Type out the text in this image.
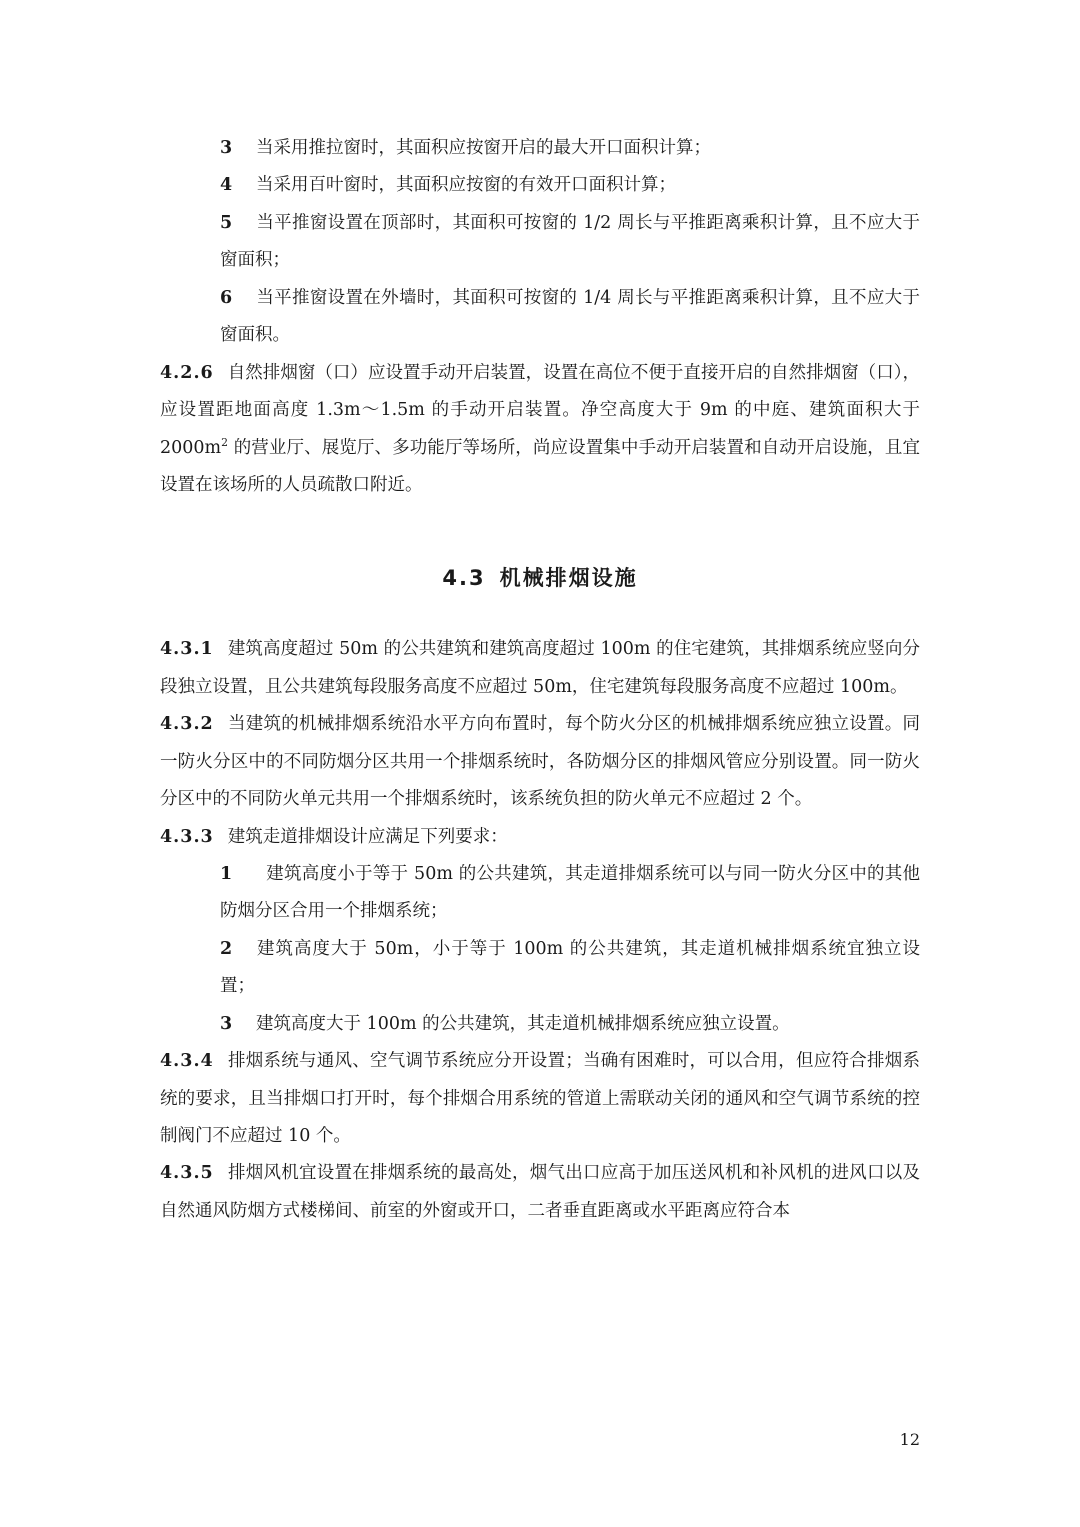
3 当采用推拉窗时，其面积应按窗开启的最大开口面积计算；

4 当采用百叶窗时，其面积应按窗的有效开口面积计算；

5 当平推窗设置在顶部时，其面积可按窗的 1/2 周长与平推距离乘积计算，且不应大于窗面积；

6 当平推窗设置在外墙时，其面积可按窗的 1/4 周长与平推距离乘积计算，且不应大于窗面积。

4.2.6 自然排烟窗（口）应设置手动开启装置，设置在高位不便于直接开启的自然排烟窗（口），应设置距地面高度 1.3m～1.5m 的手动开启装置。净空高度大于 9m 的中庭、建筑面积大于 $2000m^2$ 的营业厅、展览厅、多功能厅等场所，尚应设置集中手动开启装置和自动开启设施，且宜设置在该场所的人员疏散口附近。

4.3 机械排烟设施

4.3.1 建筑高度超过 50m 的公共建筑和建筑高度超过 100m 的住宅建筑，其排烟系统应竖向分段独立设置，且公共建筑每段服务高度不应超过 50m，住宅建筑每段服务高度不应超过 100m。

4.3.2 当建筑的机械排烟系统沿水平方向布置时，每个防火分区的机械排烟系统应独立设置。同一防火分区中的不同防烟分区共用一个排烟系统时，各防烟分区的排烟风管应分别设置。同一防火分区中的不同防火单元共用一个排烟系统时，该系统负担的防火单元不应超过 2 个。

4.3.3 建筑走道排烟设计应满足下列要求：

1 建筑高度小于等于 50m 的公共建筑，其走道排烟系统可以与同一防火分区中的其他防烟分区合用一个排烟系统；

2 建筑高度大于 50m，小于等于 100m 的公共建筑，其走道机械排烟系统宜独立设置；

3 建筑高度大于 100m 的公共建筑，其走道机械排烟系统应独立设置。

4.3.4 排烟系统与通风、空气调节系统应分开设置；当确有困难时，可以合用，但应符合排烟系统的要求，且当排烟口打开时，每个排烟合用系统的管道上需联动关闭的通风和空气调节系统的控制阀门不应超过 10 个。

4.3.5 排烟风机宜设置在排烟系统的最高处，烟气出口应高于加压送风机和补风机的进风口以及自然通风防烟方式楼梯间、前室的外窗或开口，二者垂直距离或水平距离应符合本

12
